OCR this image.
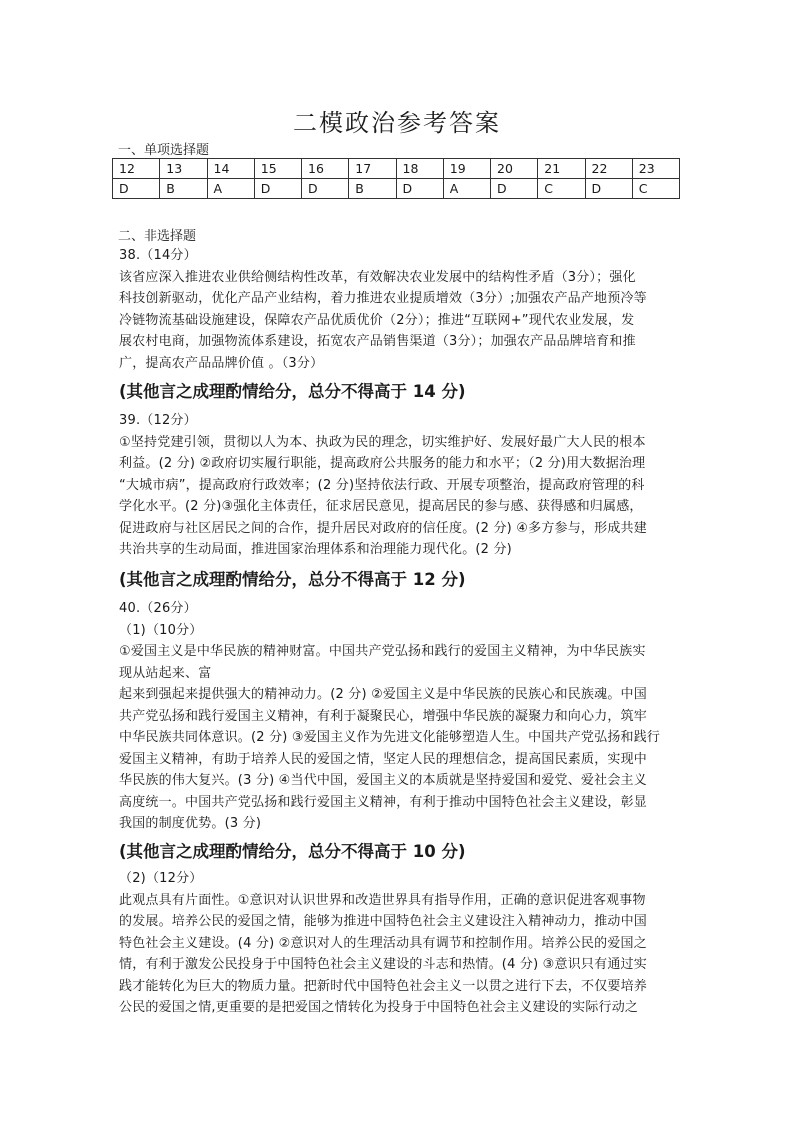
二模政治参考答案
一、单项选择题
12	13	14	15	16	17	18	19	20	21	22	23
D	B	A	D	D	B	D	A	D	C	D	C
二、非选择题

38.（14分）

该省应深入推进农业供给侧结构性改革，有效解决农业发展中的结构性矛盾（3分）；强化

科技创新驱动，优化产品产业结构，着力推进农业提质增效（3分）;加强农产品产地预冷等

冷链物流基础设施建设，保障农产品优质优价（2分）；推进“互联网+”现代农业发展，发

展农村电商，加强物流体系建设，拓宽农产品销售渠道（3分）；加强农产品品牌培育和推

广，提高农产品品牌价值 。（3分）

(其他言之成理酌情给分，总分不得高于 14 分)

39.（12分）

①坚持党建引领，贯彻以人为本、执政为民的理念，切实维护好、发展好最广大人民的根本

利益。(2 分) ②政府切实履行职能，提高政府公共服务的能力和水平；（2 分)用大数据治理

“大城市病”，提高政府行政效率；(2 分)坚持依法行政、开展专项整治，提高政府管理的科

学化水平。(2 分)③强化主体责任，征求居民意见，提高居民的参与感、获得感和归属感，

促进政府与社区居民之间的合作，提升居民对政府的信任度。(2 分) ④多方参与，形成共建

共治共享的生动局面，推进国家治理体系和治理能力现代化。(2 分)

(其他言之成理酌情给分，总分不得高于 12 分)

40.（26分）

（1)（10分）

①爱国主义是中华民族的精神财富。中国共产党弘扬和践行的爱国主义精神，为中华民族实

现从站起来、富

起来到强起来提供强大的精神动力。(2 分) ②爱国主义是中华民族的民族心和民族魂。中国

共产党弘扬和践行爱国主义精神，有利于凝聚民心，增强中华民族的凝聚力和向心力，筑牢

中华民族共同体意识。(2 分) ③爱国主义作为先进文化能够塑造人生。中国共产党弘扬和践行

爱国主义精神，有助于培养人民的爱国之情，坚定人民的理想信念，提高国民素质，实现中

华民族的伟大复兴。(3 分) ④当代中国，爱国主义的本质就是坚持爱国和爱党、爱社会主义

高度统一。中国共产党弘扬和践行爱国主义精神，有利于推动中国特色社会主义建设，彰显

我国的制度优势。(3 分)

(其他言之成理酌情给分，总分不得高于 10 分)

（2)（12分）

此观点具有片面性。①意识对认识世界和改造世界具有指导作用，正确的意识促进客观事物

的发展。培养公民的爱国之情，能够为推进中国特色社会主义建设注入精神动力，推动中国

特色社会主义建设。(4 分) ②意识对人的生理活动具有调节和控制作用。培养公民的爱国之

情，有利于激发公民投身于中国特色社会主义建设的斗志和热情。(4 分) ③意识只有通过实

践才能转化为巨大的物质力量。把新时代中国特色社会主义一以贯之进行下去，不仅要培养

公民的爱国之情,更重要的是把爱国之情转化为投身于中国特色社会主义建设的实际行动之
